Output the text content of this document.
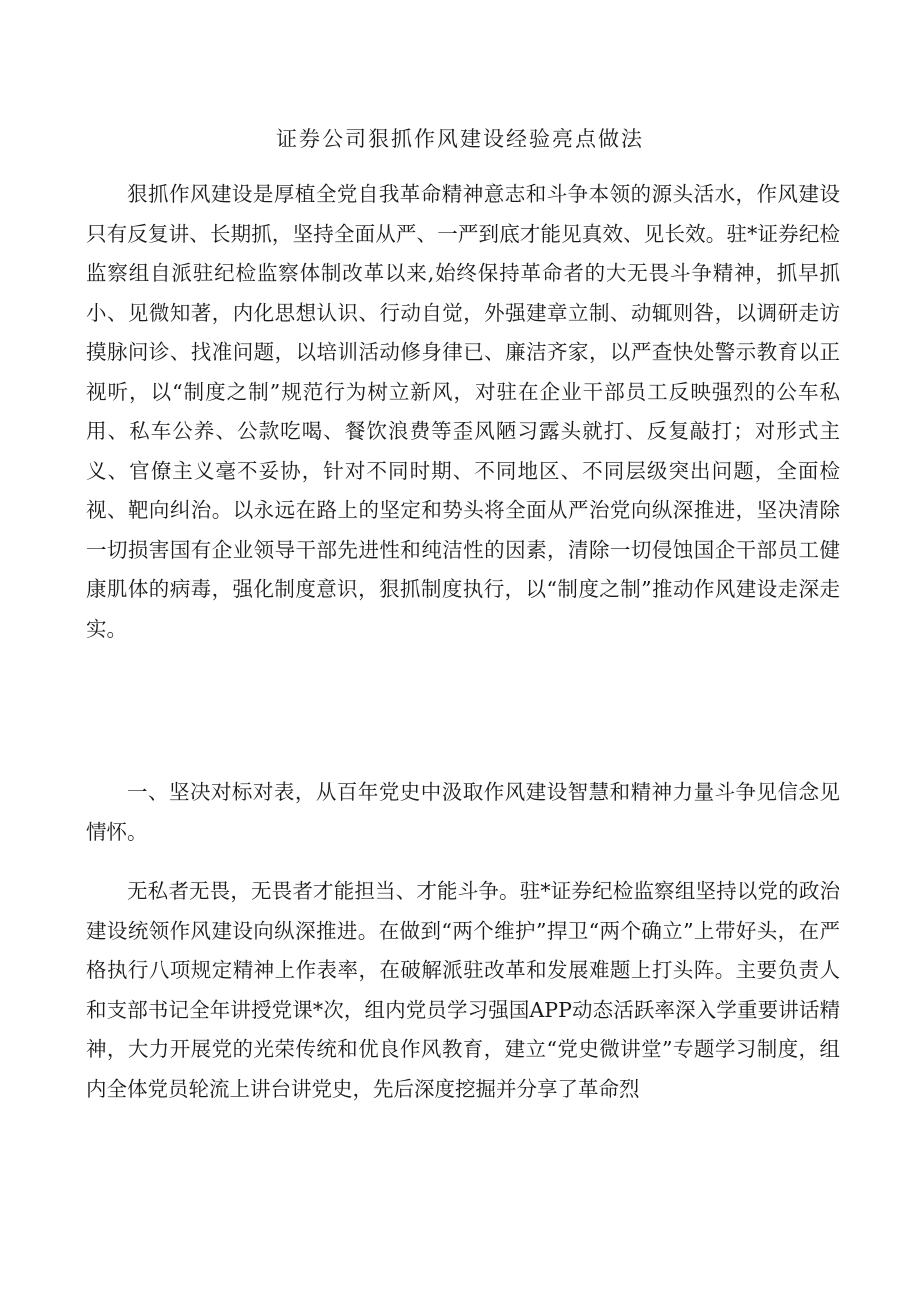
证券公司狠抓作风建设经验亮点做法

狠抓作风建设是厚植全党自我革命精神意志和斗争本领的源头活水，作风建设只有反复讲、长期抓，坚持全面从严、一严到底才能见真效、见长效。驻*证券纪检监察组自派驻纪检监察体制改革以来,始终保持革命者的大无畏斗争精神，抓早抓小、见微知著，内化思想认识、行动自觉，外强建章立制、动辄则咎，以调研走访摸脉问诊、找准问题，以培训活动修身律已、廉洁齐家，以严查快处警示教育以正视听，以“制度之制”规范行为树立新风，对驻在企业干部员工反映强烈的公车私用、私车公养、公款吃喝、餐饮浪费等歪风陋习露头就打、反复敲打；对形式主义、官僚主义毫不妥协，针对不同时期、不同地区、不同层级突出问题，全面检视、靶向纠治。以永远在路上的坚定和势头将全面从严治党向纵深推进，坚决清除一切损害国有企业领导干部先进性和纯洁性的因素，清除一切侵蚀国企干部员工健康肌体的病毒，强化制度意识，狠抓制度执行，以“制度之制”推动作风建设走深走实。

一、坚决对标对表，从百年党史中汲取作风建设智慧和精神力量斗争见信念见情怀。

无私者无畏，无畏者才能担当、才能斗争。驻*证券纪检监察组坚持以党的政治建设统领作风建设向纵深推进。在做到“两个维护”捍卫“两个确立”上带好头，在严格执行八项规定精神上作表率，在破解派驻改革和发展难题上打头阵。主要负责人和支部书记全年讲授党课*次，组内党员学习强国APP动态活跃率深入学重要讲话精神，大力开展党的光荣传统和优良作风教育，建立“党史微讲堂”专题学习制度，组内全体党员轮流上讲台讲党史，先后深度挖掘并分享了革命烈
